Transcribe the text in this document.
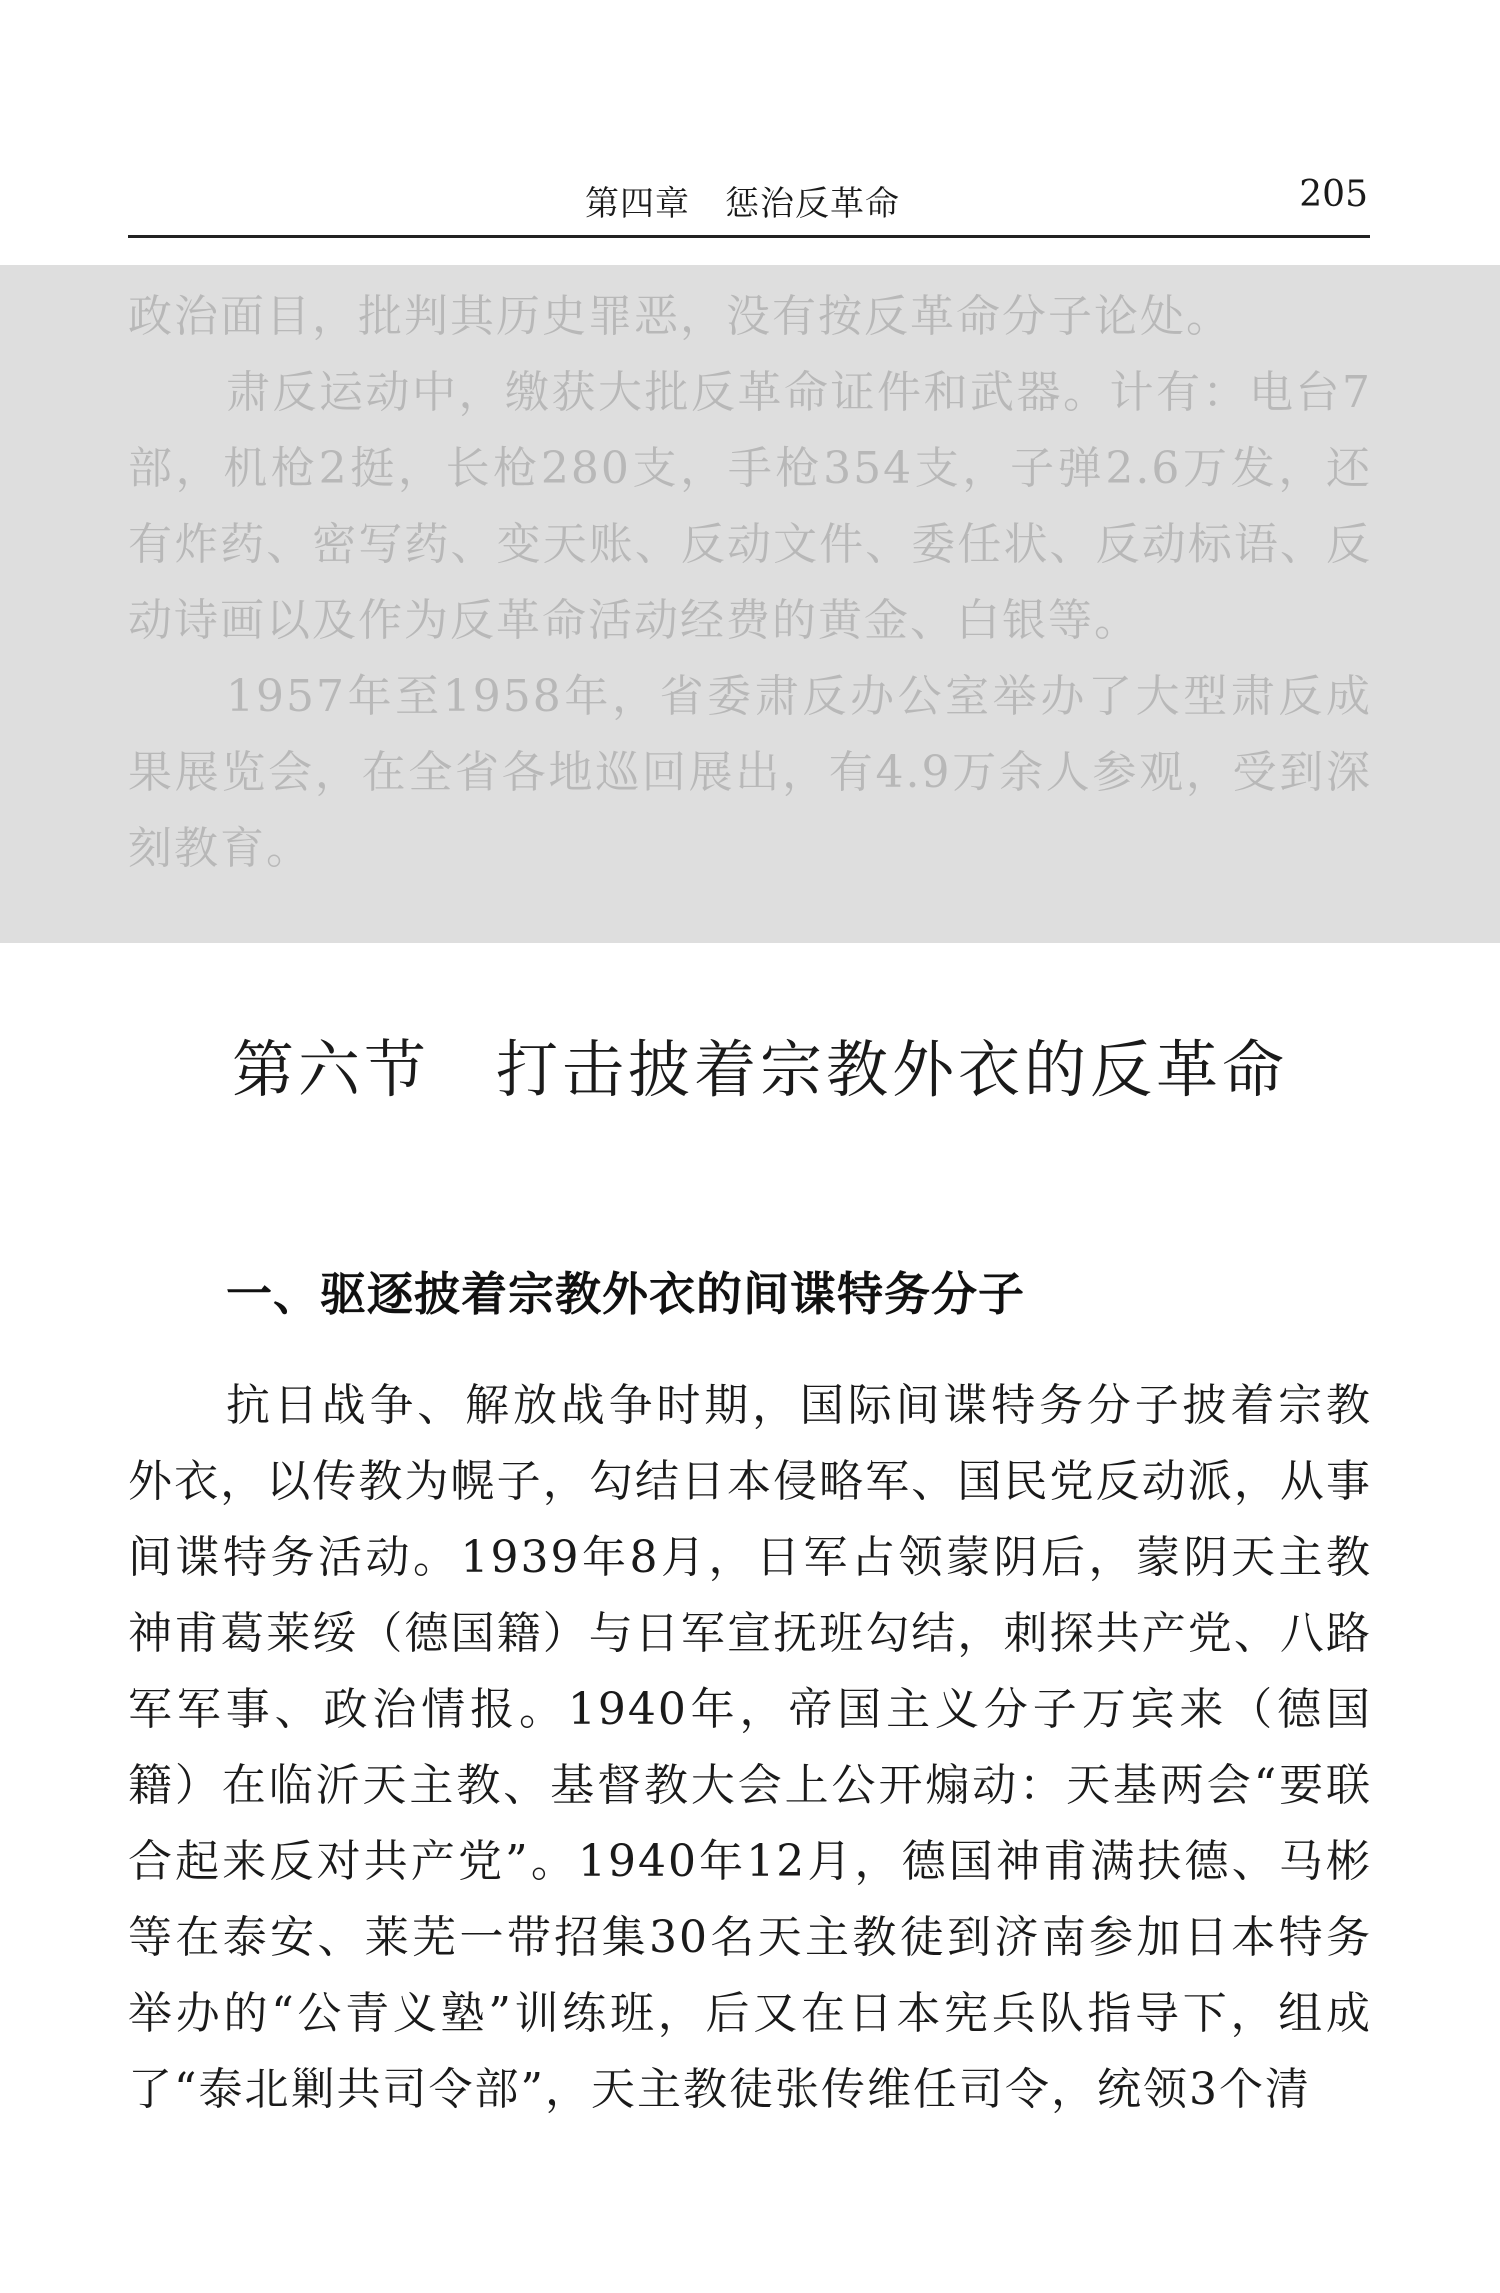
第四章　惩治反革命	205

政治面目，批判其历史罪恶，没有按反革命分子论处。

肃反运动中，缴获大批反革命证件和武器。计有：电台7部，机枪2挺，长枪280支，手枪354支，子弹2.6万发，还有炸药、密写药、变天账、反动文件、委任状、反动标语、反动诗画以及作为反革命活动经费的黄金、白银等。

1957年至1958年，省委肃反办公室举办了大型肃反成果展览会，在全省各地巡回展出，有4.9万余人参观，受到深刻教育。

第六节　打击披着宗教外衣的反革命
一、驱逐披着宗教外衣的间谍特务分子

抗日战争、解放战争时期，国际间谍特务分子披着宗教外衣，以传教为幌子，勾结日本侵略军、国民党反动派，从事间谍特务活动。1939年8月，日军占领蒙阴后，蒙阴天主教神甫葛莱绥（德国籍）与日军宣抚班勾结，刺探共产党、八路军军事、政治情报。1940年，帝国主义分子万宾来（德国籍）在临沂天主教、基督教大会上公开煽动：天基两会“要联合起来反对共产党”。1940年12月，德国神甫满扶德、马彬等在泰安、莱芜一带招集30名天主教徒到济南参加日本特务举办的“公青义塾”训练班，后又在日本宪兵队指导下，组成了“泰北剿共司令部”，天主教徒张传维任司令，统领3个清
